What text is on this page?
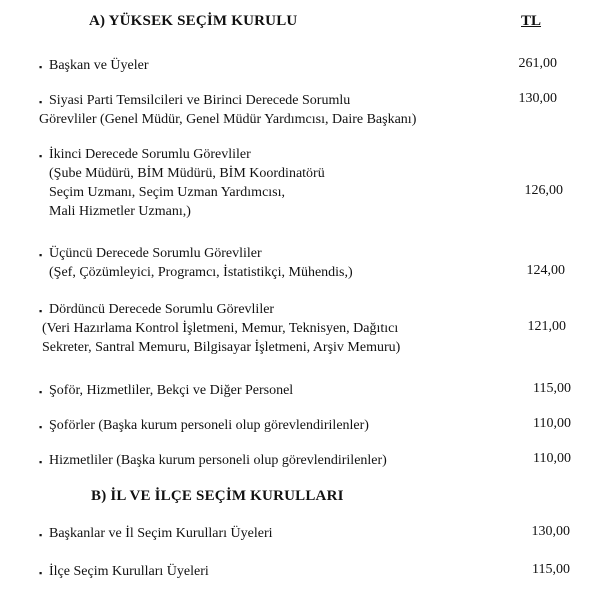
A) YÜKSEK SEÇİM KURULU	TL
▪ Başkan ve Üyeler	261,00
▪ Siyasi Parti Temsilcileri ve Birinci Derecede Sorumlu
Görevliler (Genel Müdür, Genel Müdür Yardımcısı, Daire Başkanı)
130,00
▪ İkinci Derecede Sorumlu Görevliler
(Şube Müdürü, BİM Müdürü, BİM Koordinatörü
Seçim Uzmanı, Seçim Uzman Yardımcısı,
Mali Hizmetler Uzmanı,)
126,00
▪ Üçüncü Derecede Sorumlu Görevliler
(Şef, Çözümleyici, Programcı, İstatistikçi, Mühendis,)	124,00
▪ Dördüncü Derecede Sorumlu Görevliler
(Veri Hazırlama Kontrol İşletmeni, Memur, Teknisyen, Dağıtıcı
Sekreter, Santral Memuru, Bilgisayar İşletmeni, Arşiv Memuru)
121,00
▪ Şoför, Hizmetliler, Bekçi ve Diğer Personel	115,00
▪ Şoförler (Başka kurum personeli olup görevlendirilenler)	110,00
▪ Hizmetliler (Başka kurum personeli olup görevlendirilenler)	110,00
B) İL VE İLÇE SEÇİM KURULLARI
▪ Başkanlar ve İl Seçim Kurulları Üyeleri	130,00
▪ İlçe Seçim Kurulları Üyeleri	115,00
